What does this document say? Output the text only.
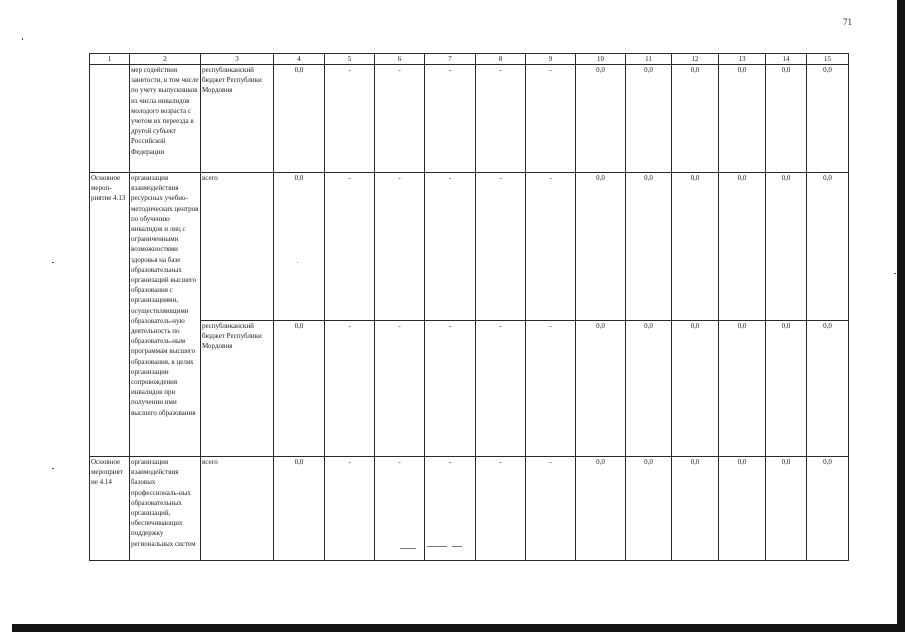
71
1	2	3	4	5	6	7	8	9	10	11	12	13	14	15

	мер содействия занятости, в том числе по учету выпускников из числа инвалидов молодого возраста с учетом их переезда в другой субъект Российской Федерации	республиканский бюджет Республики Мордовия	0,0	-	-	-	-	-	0,0	0,0	0,0	0,0	0,0	0,0

Основное мероп-риятие 4.13	организация взаимодействия ресурсных учебно-методических центров по обучению инвалидов и лиц с ограниченными возможностями здоровья на базе образовательных организаций высшего образования с организациями, осуществляющими образователь-ную деятельность по образователь-ным программам высшего образования, в целях организации сопровождения инвалидов при получении ими высшего образования	всего	0,0	-	-	-	-	-	0,0	0,0	0,0	0,0	0,0	0,0

		республиканский бюджет Республики Мордовия	0,0	-	-	-	-	-	0,0	0,0	0,0	0,0	0,0	0,0

Основное мероприят ие 4.14	организация взаимодействия базовых профессиональ-ных образовательных организаций, обеспечивающих поддержку региональных систем	всего	0,0	-	-	-	-	-	0,0	0,0	0,0	0,0	0,0	0,0
